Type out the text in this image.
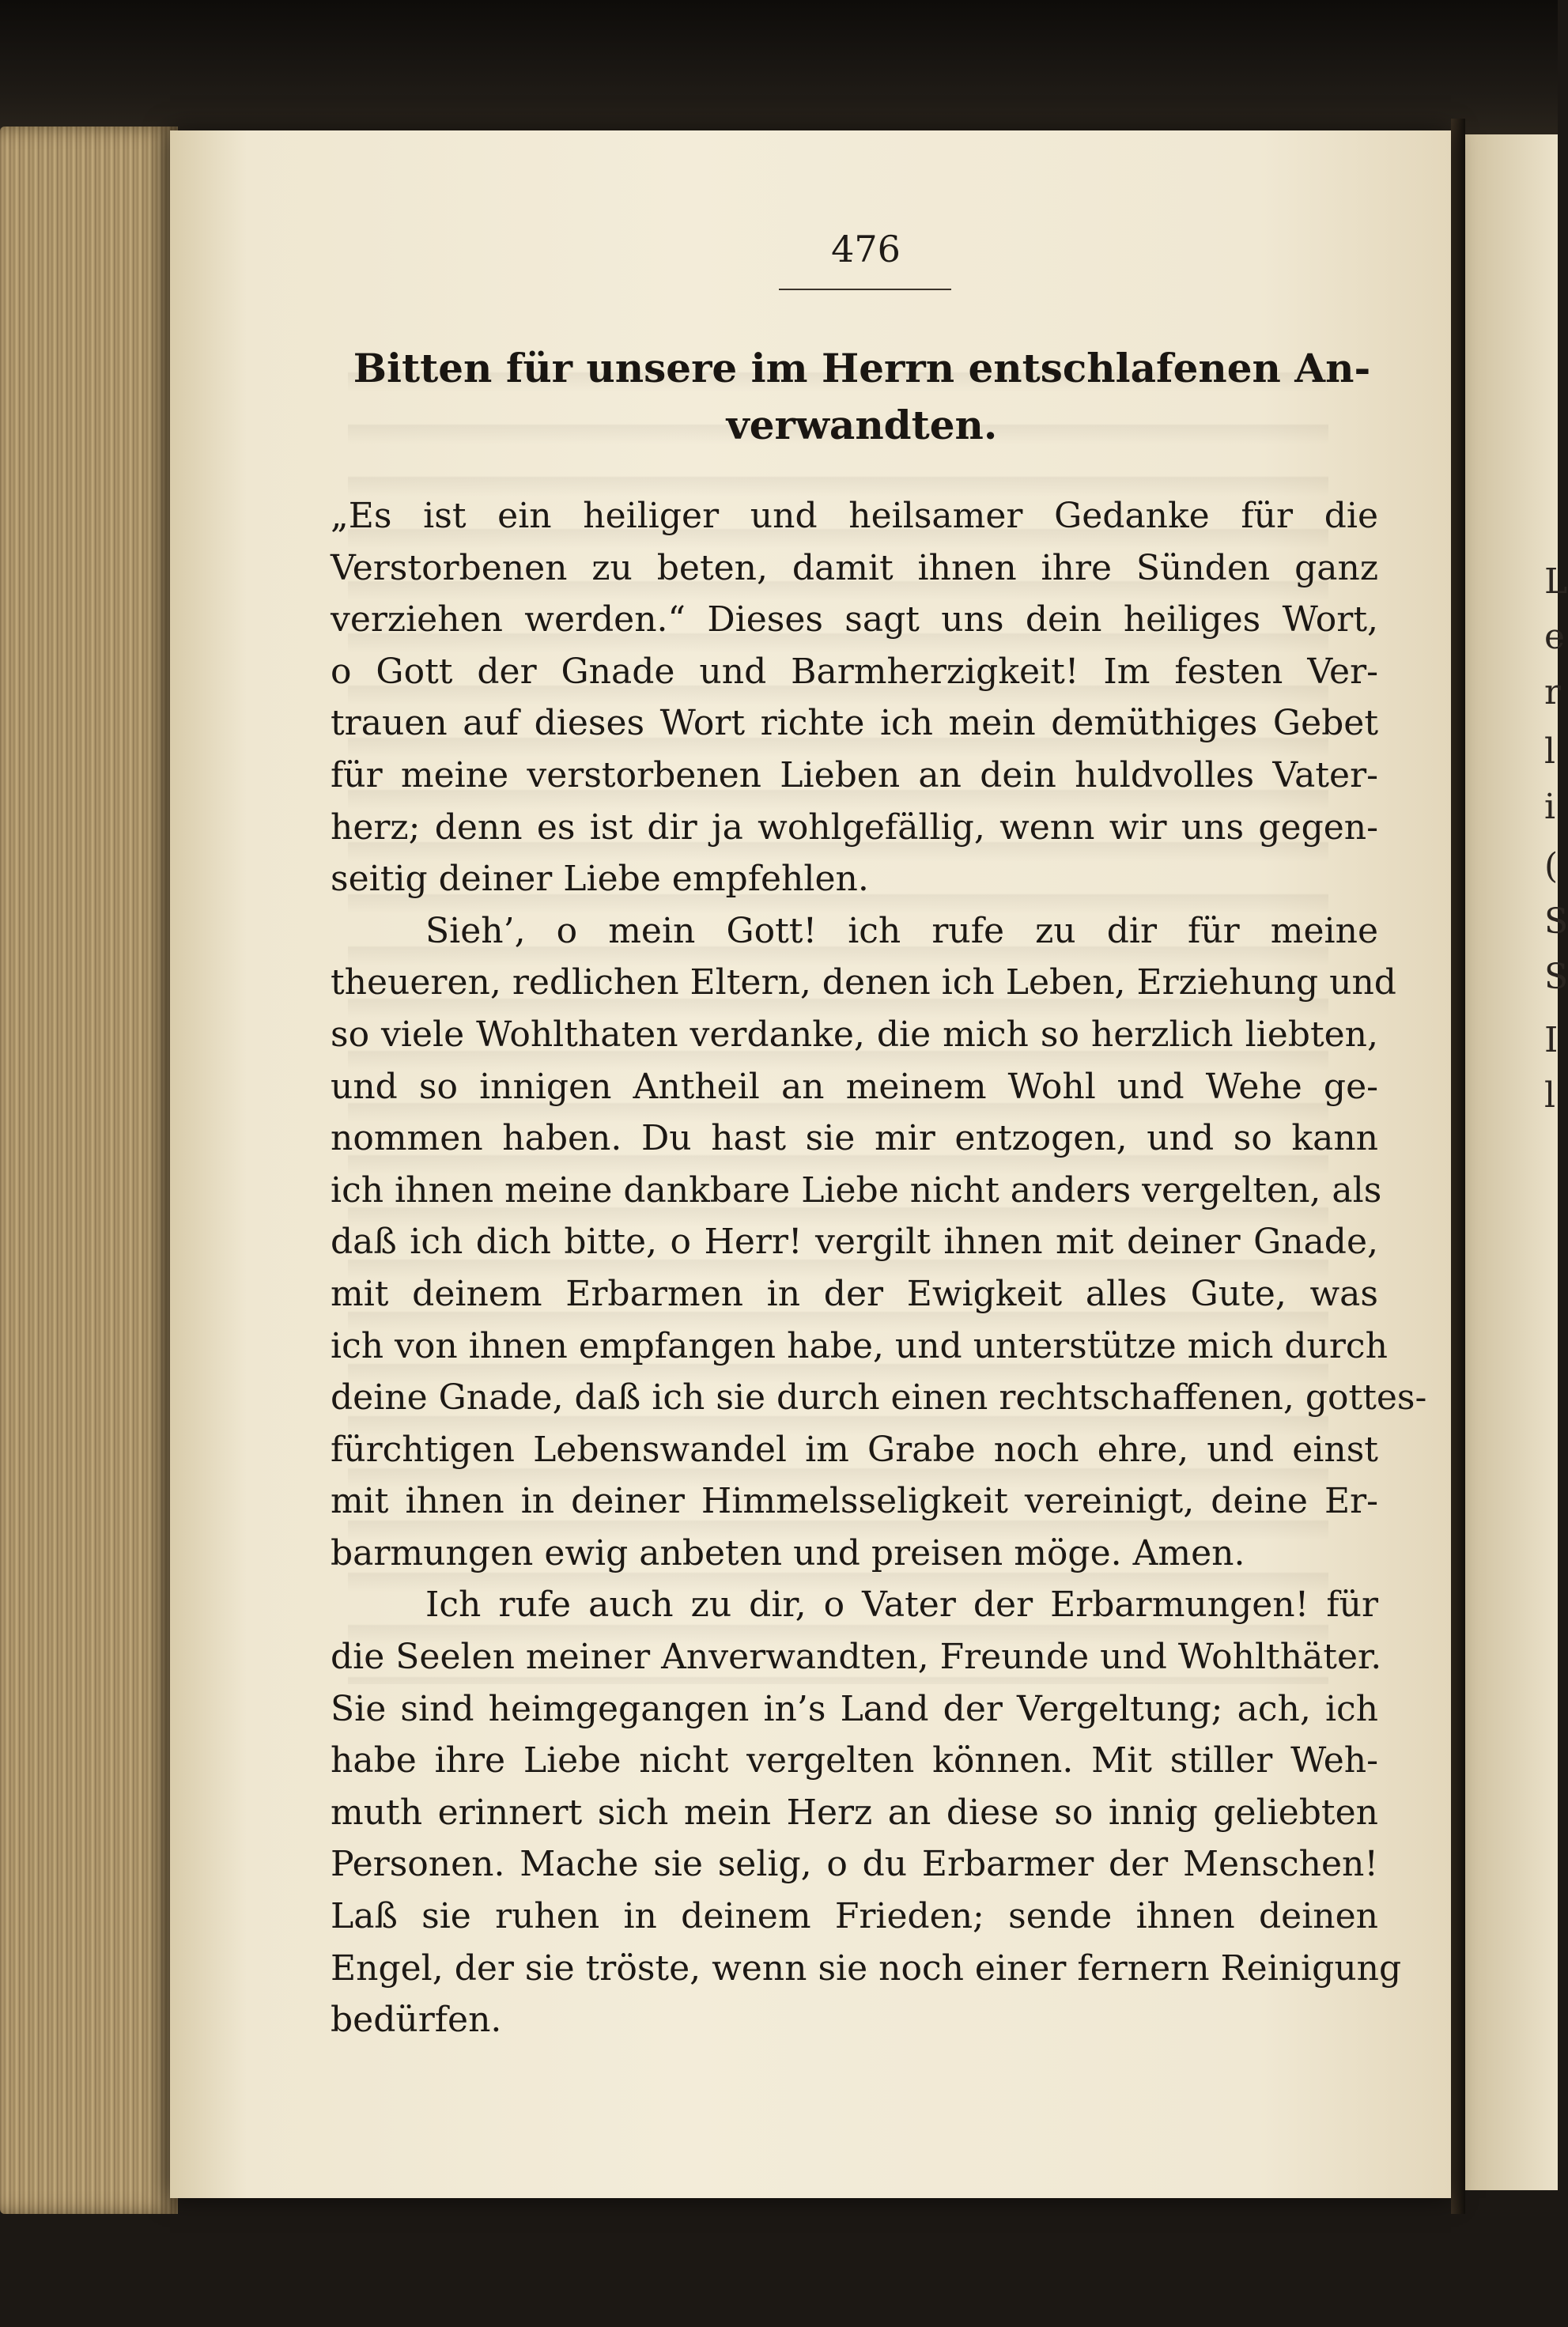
L
e
r
l
i
(
S
S
I
l
476
Bitten für unsere im Herrn entschlafenen An-
verwandten.
„Es ist ein heiliger und heilsamer Gedanke für die
Verstorbenen zu beten, damit ihnen ihre Sünden ganz
verziehen werden.“ Dieses sagt uns dein heiliges Wort,
o Gott der Gnade und Barmherzigkeit! Im festen Ver-
trauen auf dieses Wort richte ich mein demüthiges Gebet
für meine verstorbenen Lieben an dein huldvolles Vater-
herz; denn es ist dir ja wohlgefällig, wenn wir uns gegen-
seitig deiner Liebe empfehlen.
Sieh’, o mein Gott! ich rufe zu dir für meine
theueren, redlichen Eltern, denen ich Leben, Erziehung und
so viele Wohlthaten verdanke, die mich so herzlich liebten,
und so innigen Antheil an meinem Wohl und Wehe ge-
nommen haben. Du hast sie mir entzogen, und so kann
ich ihnen meine dankbare Liebe nicht anders vergelten, als
daß ich dich bitte, o Herr! vergilt ihnen mit deiner Gnade,
mit deinem Erbarmen in der Ewigkeit alles Gute, was
ich von ihnen empfangen habe, und unterstütze mich durch
deine Gnade, daß ich sie durch einen rechtschaffenen, gottes-
fürchtigen Lebenswandel im Grabe noch ehre, und einst
mit ihnen in deiner Himmelsseligkeit vereinigt, deine Er-
barmungen ewig anbeten und preisen möge. Amen.
Ich rufe auch zu dir, o Vater der Erbarmungen! für
die Seelen meiner Anverwandten, Freunde und Wohlthäter.
Sie sind heimgegangen in’s Land der Vergeltung; ach, ich
habe ihre Liebe nicht vergelten können. Mit stiller Weh-
muth erinnert sich mein Herz an diese so innig geliebten
Personen. Mache sie selig, o du Erbarmer der Menschen!
Laß sie ruhen in deinem Frieden; sende ihnen deinen
Engel, der sie tröste, wenn sie noch einer fernern Reinigung
bedürfen.
